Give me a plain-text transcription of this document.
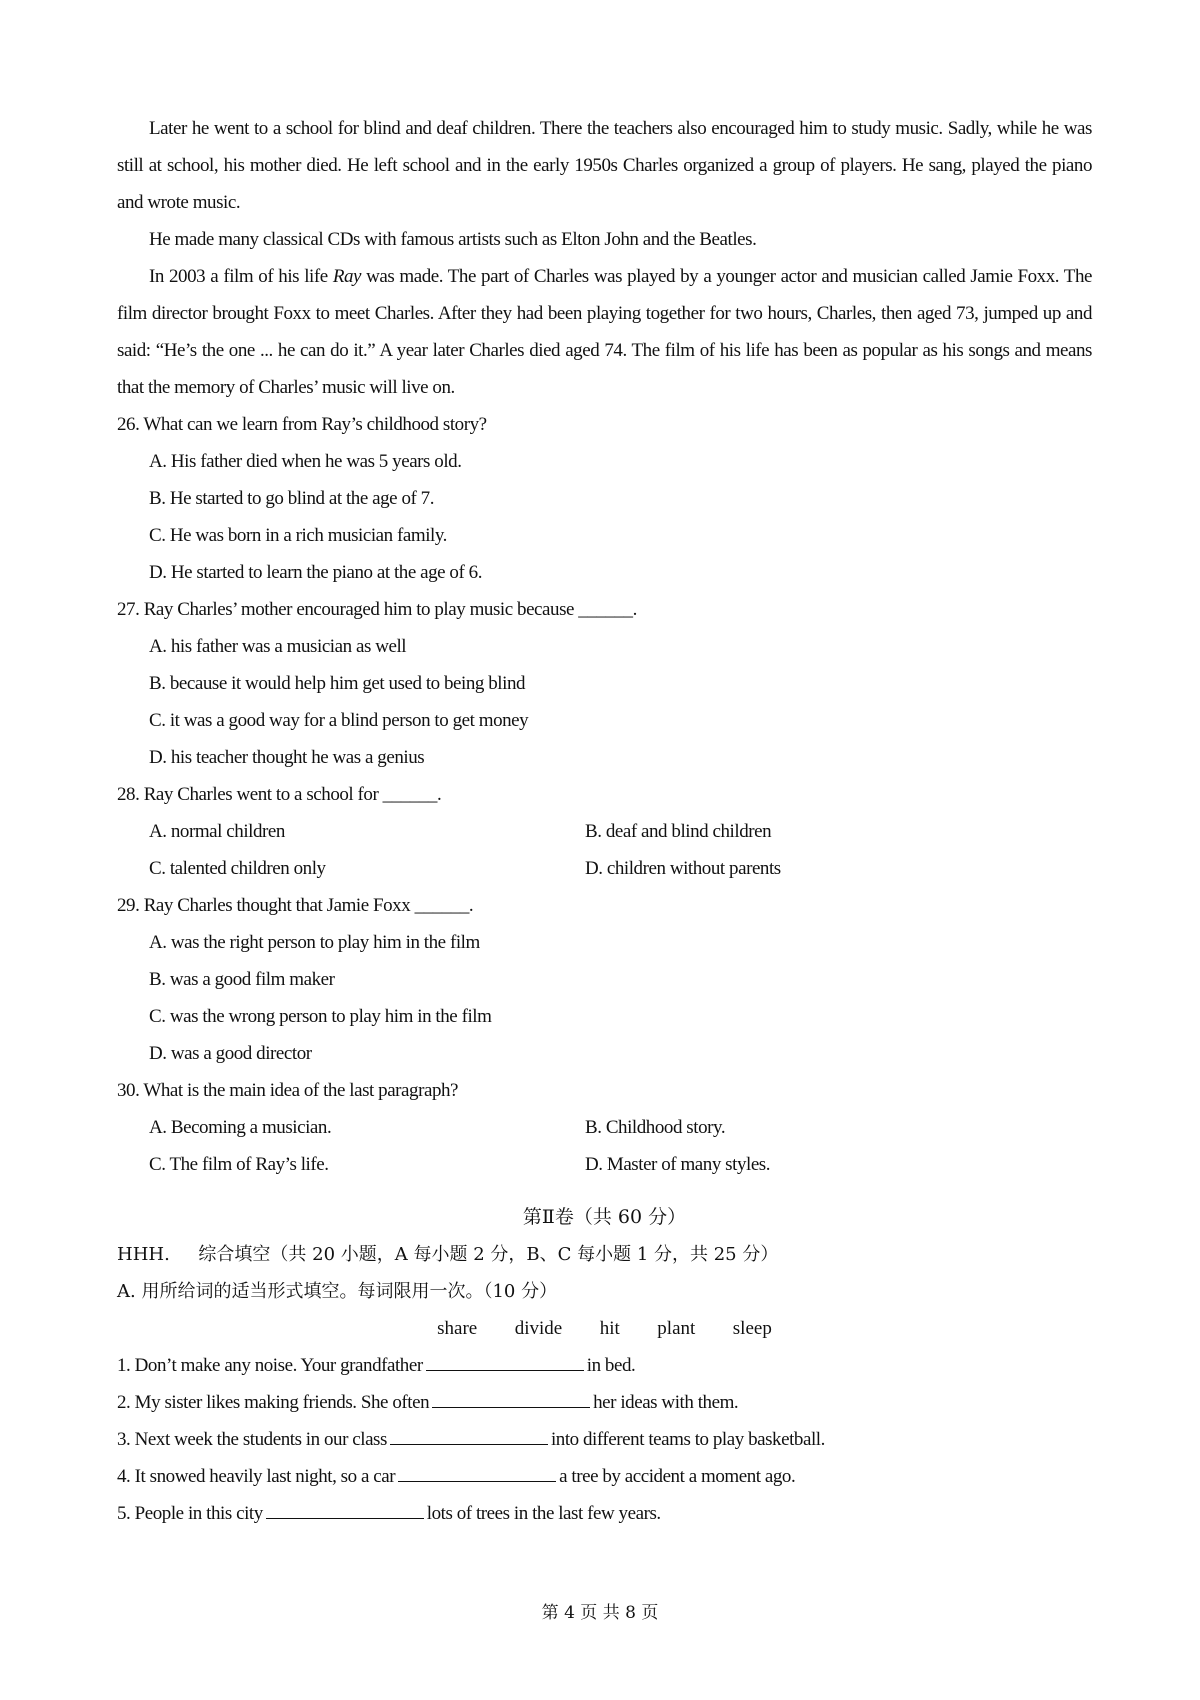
Later he went to a school for blind and deaf children. There the teachers also encouraged him to study music. Sadly, while he was still at school, his mother died. He left school and in the early 1950s Charles organized a group of players. He sang, played the piano and wrote music.

He made many classical CDs with famous artists such as Elton John and the Beatles.

In 2003 a film of his life Ray was made. The part of Charles was played by a younger actor and musician called Jamie Foxx. The film director brought Foxx to meet Charles. After they had been playing together for two hours, Charles, then aged 73, jumped up and said: “He’s the one ... he can do it.” A year later Charles died aged 74. The film of his life has been as popular as his songs and means that the memory of Charles’ music will live on.

26. What can we learn from Ray’s childhood story?
A. His father died when he was 5 years old.
B. He started to go blind at the age of 7.
C. He was born in a rich musician family.
D. He started to learn the piano at the age of 6.
27. Ray Charles’ mother encouraged him to play music because ______.
A. his father was a musician as well
B. because it would help him get used to being blind
C. it was a good way for a blind person to get money
D. his teacher thought he was a genius
28. Ray Charles went to a school for ______.
A. normal children	B. deaf and blind children
C. talented children only	D. children without parents
29. Ray Charles thought that Jamie Foxx ______.
A. was the right person to play him in the film
B. was a good film maker
C. was the wrong person to play him in the film
D. was a good director
30. What is the main idea of the last paragraph?
A. Becoming a musician.	B. Childhood story.
C. The film of Ray’s life.	D. Master of many styles.
第Ⅱ卷（共 60 分）
HHH.     综合填空（共 20 小题，A 每小题 2 分，B、C 每小题 1 分，共 25 分）
A. 用所给词的适当形式填空。每词限用一次。（10 分）
share  divide  hit  plant  sleep
1. Don’t make any noise. Your grandfather	in bed.
2. My sister likes making friends. She often	her ideas with them.
3. Next week the students in our class	into different teams to play basketball.
4. It snowed heavily last night, so a car	a tree by accident a moment ago.
5. People in this city	lots of trees in the last few years.
第 4 页 共 8 页
